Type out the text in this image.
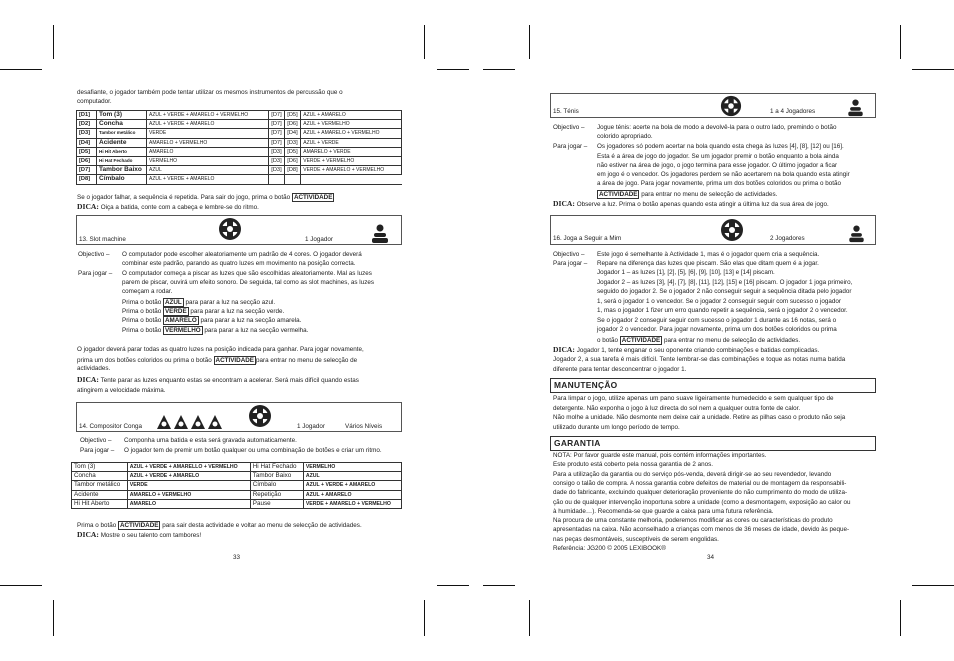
desafiante, o jogador também pode tentar utilizar os mesmos instrumentos de percussão que o
computador.
[D1]	Tom (3)	AZUL + VERDE + AMARELO + VERMELHO	[D7]	[D5]	AZUL + AMARELO
[D2]	Concha	AZUL + VERDE + AMARELO	[D7]	[D6]	AZUL + VERMELHO
[D3]	Tambor metálico	VERDE	[D7]	[D4]	AZUL + AMARELO + VERMELHO
[D4]	Acidente	AMARELO + VERMELHO	[D7]	[D3]	AZUL + VERDE
[D5]	Hi Hit Aberto	AMARELO	[D3]	[D5]	AMARELO + VERDE
[D6]	Hi Hat Fechado	VERMELHO	[D3]	[D6]	VERDE + VERMELHO
[D7]	Tambor Baixo	AZUL	[D3]	[D8]	VERDE + AMARELO + VERMELHO
[D8]	Címbalo	AZUL + VERDE + AMARELO			
Se o jogador falhar, a sequência é repetida. Para sair do jogo, prima o botão ACTIVIDADE
DICA: Oiça a batida, conte com a cabeça e lembre-se do ritmo.
13. Slot machine	1 Jogador
Objectivo – O computador pode escolher aleatoriamente um padrão de 4 cores. O jogador deverá
combinar este padrão, parando as quatro luzes em movimento na posição correcta.
Para jogar – O computador começa a piscar as luzes que são escolhidas aleatoriamente. Mal as luzes
parem de piscar, ouvirá um efeito sonoro. De seguida, tal como as slot machines, as luzes
começam a rodar.
Prima o botão AZUL para parar a luz na secção azul.
Prima o botão VERDE para parar a luz na secção verde.
Prima o botão AMARELO para parar a luz na secção amarela.
Prima o botão VERMELHO para parar a luz na secção vermelha.
O jogador deverá parar todas as quatro luzes na posição indicada para ganhar. Para jogar novamente,
prima um dos botões coloridos ou prima o botão ACTIVIDADE para entrar no menu de selecção de
actividades.
DICA: Tente parar as luzes enquanto estas se encontram a acelerar. Será mais difícil quando estas
atingirem a velocidade máxima.
14. Compositor Conga	1 Jogador	Vários Níveis
Objectivo – Componha uma batida e esta será gravada automaticamente.
Para jogar – O jogador tem de premir um botão qualquer ou uma combinação de botões e criar um ritmo.
Tom (3)	AZUL + VERDE + AMARELLO + VERMELHO	Hi Hat Fechado	VERMELHO
Concha	AZUL + VERDE + AMARELO	Tambor Baixo	AZUL
Tambor metálico	VERDE	Címbalo	AZUL + VERDE + AMARELO
Acidente	AMARELO + VERMELHO	Repetição	AZUL + AMARELO
Hi Hit Aberto	AMARELO	Pause	VERDE + AMARELO + VERMELHO
Prima o botão ACTIVIDADE para sair desta actividade e voltar ao menu de selecção de actividades.
DICA: Mostre o seu talento com tambores!
33
15. Ténis	1 a 4 Jogadores
Objectivo – Jogue ténis: acerte na bola de modo a devolvê-la para o outro lado, premindo o botão
colorido apropriado.
Para jogar – Os jogadores só podem acertar na bola quando esta chega às luzes [4], [8], [12] ou [16].
Esta é a área de jogo do jogador. Se um jogador premir o botão enquanto a bola ainda
não estiver na área de jogo, o jogo termina para esse jogador. O último jogador a ficar
em jogo é o vencedor. Os jogadores perdem se não acertarem na bola quando esta atingir
a área de jogo. Para jogar novamente, prima um dos botões coloridos ou prima o botão
ACTIVIDADE para entrar no menu de selecção de actividades.
DICA: Observe a luz. Prima o botão apenas quando esta atingir a última luz da sua área de jogo.
16. Joga a Seguir a Mim	2 Jogadores
Objectivo – Este jogo é semelhante à Actividade 1, mas é o jogador quem cria a sequência.
Para jogar – Repare na diferença das luzes que piscam. São elas que ditam quem é a jogar.
Jogador 1 – as luzes [1], [2], [5], [6], [9], [10], [13] e [14] piscam.
Jogador 2 – as luzes [3], [4], [7], [8], [11], [12], [15] e [16] piscam. O jogador 1 joga primeiro,
seguido do jogador 2. Se o jogador 2 não conseguir seguir a sequência ditada pelo jogador
1, será o jogador 1 o vencedor. Se o jogador 2 conseguir seguir com sucesso o jogador
1, mas o jogador 1 fizer um erro quando repetir a sequência, será o jogador 2 o vencedor.
Se o jogador 2 conseguir seguir com sucesso o jogador 1 durante as 16 notas, será o
jogador 2 o vencedor. Para jogar novamente, prima um dos botões coloridos ou prima
o botão ACTIVIDADE para entrar no menu de selecção de actividades.
DICA: Jogador 1, tente enganar o seu oponente criando combinações e batidas complicadas.
Jogador 2, a sua tarefa é mais difícil. Tente lembrar-se das combinações e toque as notas numa batida
diferente para tentar desconcentrar o jogador 1.
MANUTENÇÃO
Para limpar o jogo, utilize apenas um pano suave ligeiramente humedecido e sem qualquer tipo de
detergente. Não exponha o jogo à luz directa do sol nem a qualquer outra fonte de calor.
Não molhe a unidade. Não desmonte nem deixe cair a unidade. Retire as pilhas caso o produto não seja
utilizado durante um longo período de tempo.
GARANTIA
NOTA: Por favor guarde este manual, pois contém informações importantes.
Este produto está coberto pela nossa garantia de 2 anos.
Para a utilização da garantia ou do serviço pós-venda, deverá dirigir-se ao seu revendedor, levando
consigo o talão de compra. A nossa garantia cobre defeitos de material ou de montagem da responsabili-
dade do fabricante, excluindo qualquer deterioração proveniente do não cumprimento do modo de utiliza-
ção ou de qualquer intervenção inoportuna sobre a unidade (como a desmontagem, exposição ao calor ou
à humidade…). Recomenda-se que guarde a caixa para uma futura referência.
Na procura de uma constante melhoria, poderemos modificar as cores ou características do produto
apresentadas na caixa. Não aconselhado a crianças com menos de 36 meses de idade, devido às peque-
nas peças desmontáveis, susceptíveis de serem engolidas.
Referência: JG200 © 2005 LEXIBOOK®
34
